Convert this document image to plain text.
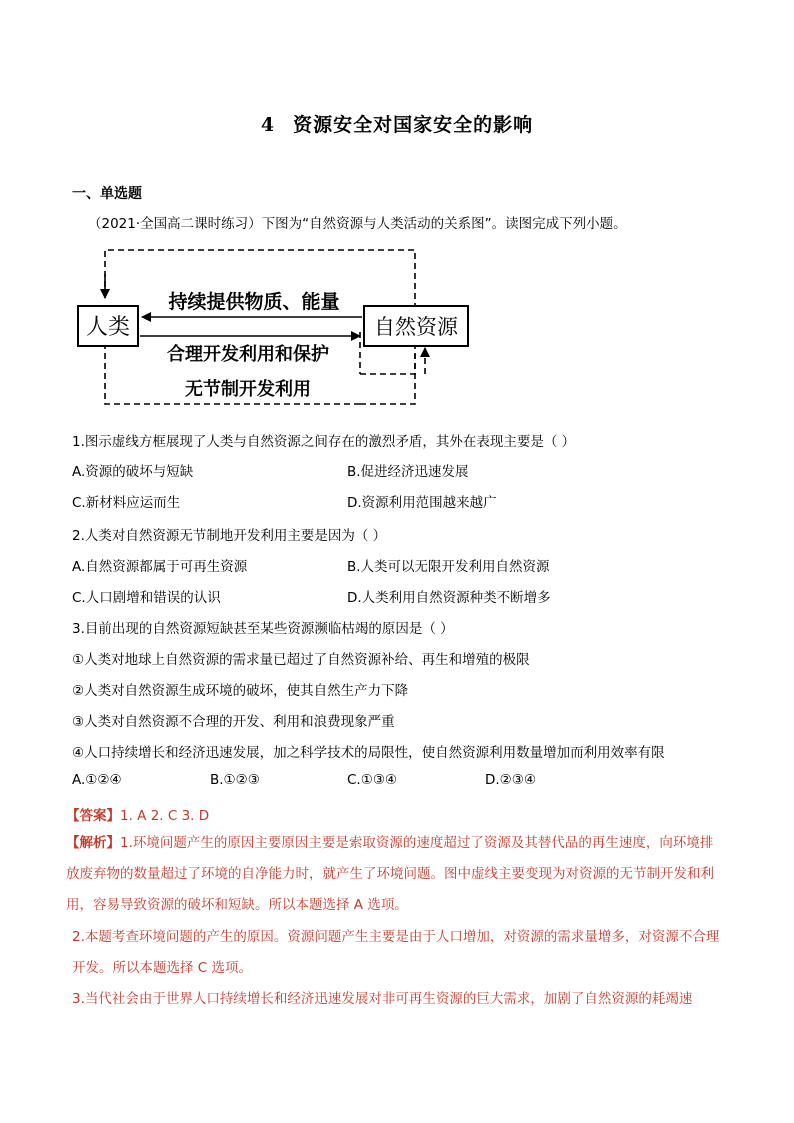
4 资源安全对国家安全的影响
一、单选题
（2021·全国高二课时练习）下图为“自然资源与人类活动的关系图”。读图完成下列小题。
人类	自然资源
持续提供物质、能量
合理开发利用和保护
无节制开发利用
1.图示虚线方框展现了人类与自然资源之间存在的激烈矛盾，其外在表现主要是（ ）
A.资源的破坏与短缺	B.促进经济迅速发展
C.新材料应运而生	D.资源利用范围越来越广
2.人类对自然资源无节制地开发利用主要是因为（ ）
A.自然资源都属于可再生资源	B.人类可以无限开发利用自然资源
C.人口剧增和错误的认识	D.人类利用自然资源种类不断增多
3.目前出现的自然资源短缺甚至某些资源濒临枯竭的原因是（ ）
①人类对地球上自然资源的需求量已超过了自然资源补给、再生和增殖的极限
②人类对自然资源生成环境的破坏，使其自然生产力下降
③人类对自然资源不合理的开发、利用和浪费现象严重
④人口持续增长和经济迅速发展，加之科学技术的局限性，使自然资源利用数量增加而利用效率有限
A.①②④	B.①②③	C.①③④	D.②③④
【答案】1. A 2. C 3. D
【解析】1.环境问题产生的原因主要原因主要是索取资源的速度超过了资源及其替代品的再生速度，向环境排放废弃物的数量超过了环境的自净能力时，就产生了环境问题。图中虚线主要变现为对资源的无节制开发和利用，容易导致资源的破坏和短缺。所以本题选择 A 选项。
2.本题考查环境问题的产生的原因。资源问题产生主要是由于人口增加，对资源的需求量增多，对资源不合理开发。所以本题选择 C 选项。
3.当代社会由于世界人口持续增长和经济迅速发展对非可再生资源的巨大需求，加剧了自然资源的耗竭速
